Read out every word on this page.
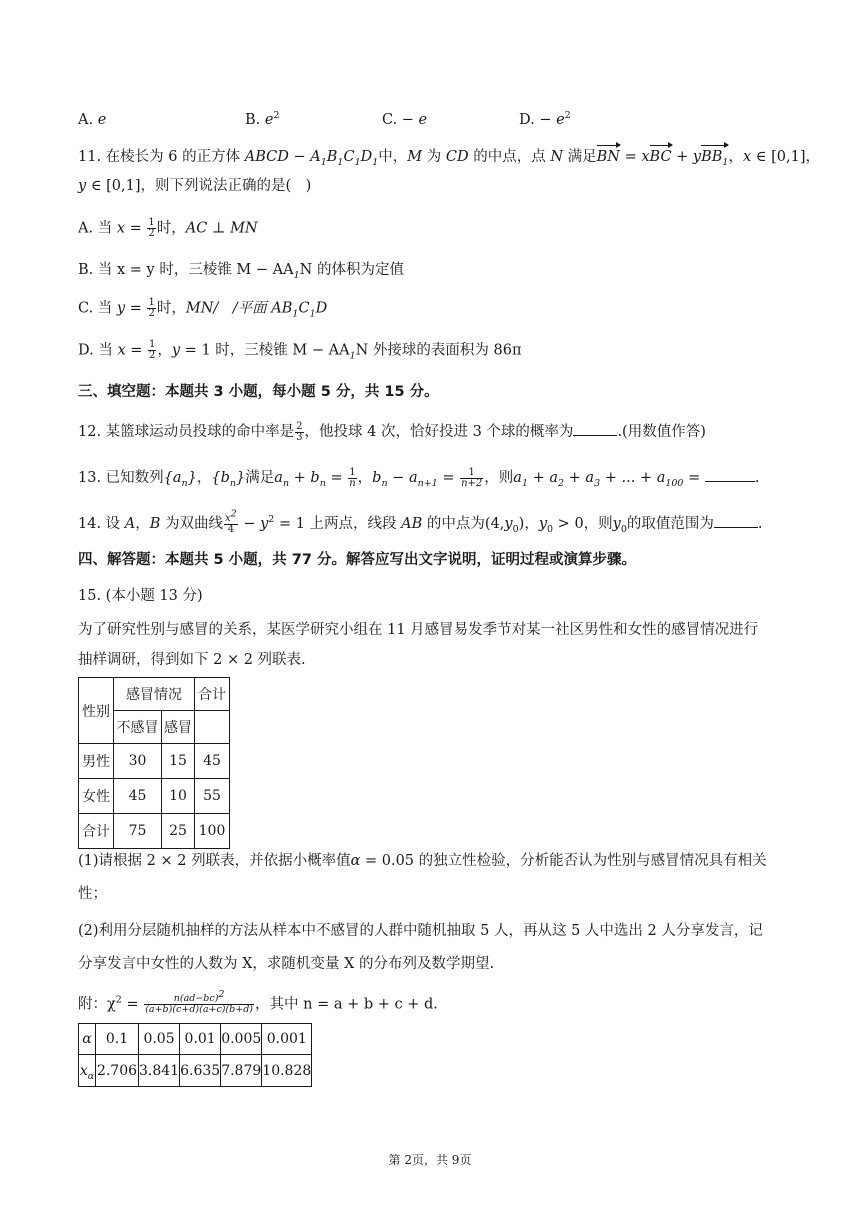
A. e	B. $e^2$	C. − e	D. − $e^2$
11. 在棱长为 6 的正方体 ABCD − $A_1B_1C_1D_1$中，M 为 CD 的中点，点 N 满足BN = xBC + yBB$_1$，x ∈ [0,1]，
y ∈ [0,1]，则下列说法正确的是(　)
A. 当 $x = \frac{1}{2}$ 时，AC ⊥ MN
B. 当 x = y 时，三棱锥 $M - AA_1N$ 的体积为定值
C. 当 $y = \frac{1}{2}$ 时，MN/　/平面 $AB_1C_1D$
D. 当 $x = \frac{1}{2}$ ，y = 1 时，三棱锥 $M - AA_1N$ 外接球的表面积为 86π
三、填空题：本题共 3 小题，每小题 5 分，共 15 分。
12. 某篮球运动员投球的命中率是 $\frac{2}{3}$ ，他投球 4 次，恰好投进 3 个球的概率为	.(用数值作答)
13. 已知数列$\{a_n\}$，$\{b_n\}$满足$a_n + b_n = \frac{1}{n}$ ，$b_n - a_{n+1} = \frac{1}{n+2}$ ，则$a_1 + a_2 + a_3$ + ... + $a_{100}$ =	.
14. 设 A，B 为双曲线 $\frac{x^2}{4} - y^2 = 1$ 上两点，线段 AB 的中点为$(4,y_0)$，$y_0 > 0$，则$y_0$的取值范围为	.
四、解答题：本题共 5 小题，共 77 分。解答应写出文字说明，证明过程或演算步骤。
15. (本小题 13 分)
为了研究性别与感冒的关系，某医学研究小组在 11 月感冒易发季节对某一社区男性和女性的感冒情况进行
抽样调研，得到如下 2 × 2 列联表.
性别	感冒情况		合计
	不感冒	感冒	
男性	30	15	45
女性	45	10	55
合计	75	25	100
(1)请根据 2 × 2 列联表，并依据小概率值α = 0.05 的独立性检验，分析能否认为性别与感冒情况具有相关
性；
(2)利用分层随机抽样的方法从样本中不感冒的人群中随机抽取 5 人，再从这 5 人中选出 2 人分享发言，记
分享发言中女性的人数为 X，求随机变量 X 的分布列及数学期望.
附：$\chi^2 = \frac{n(ad-bc)^2}{(a+b)(c+d)(a+c)(b+d)}$ ，其中 n = a + b + c + d.
α	0.1	0.05	0.01	0.005	0.001
$x_\alpha$	2.706	3.841	6.635	7.879	10.828
第 2页，共 9页
